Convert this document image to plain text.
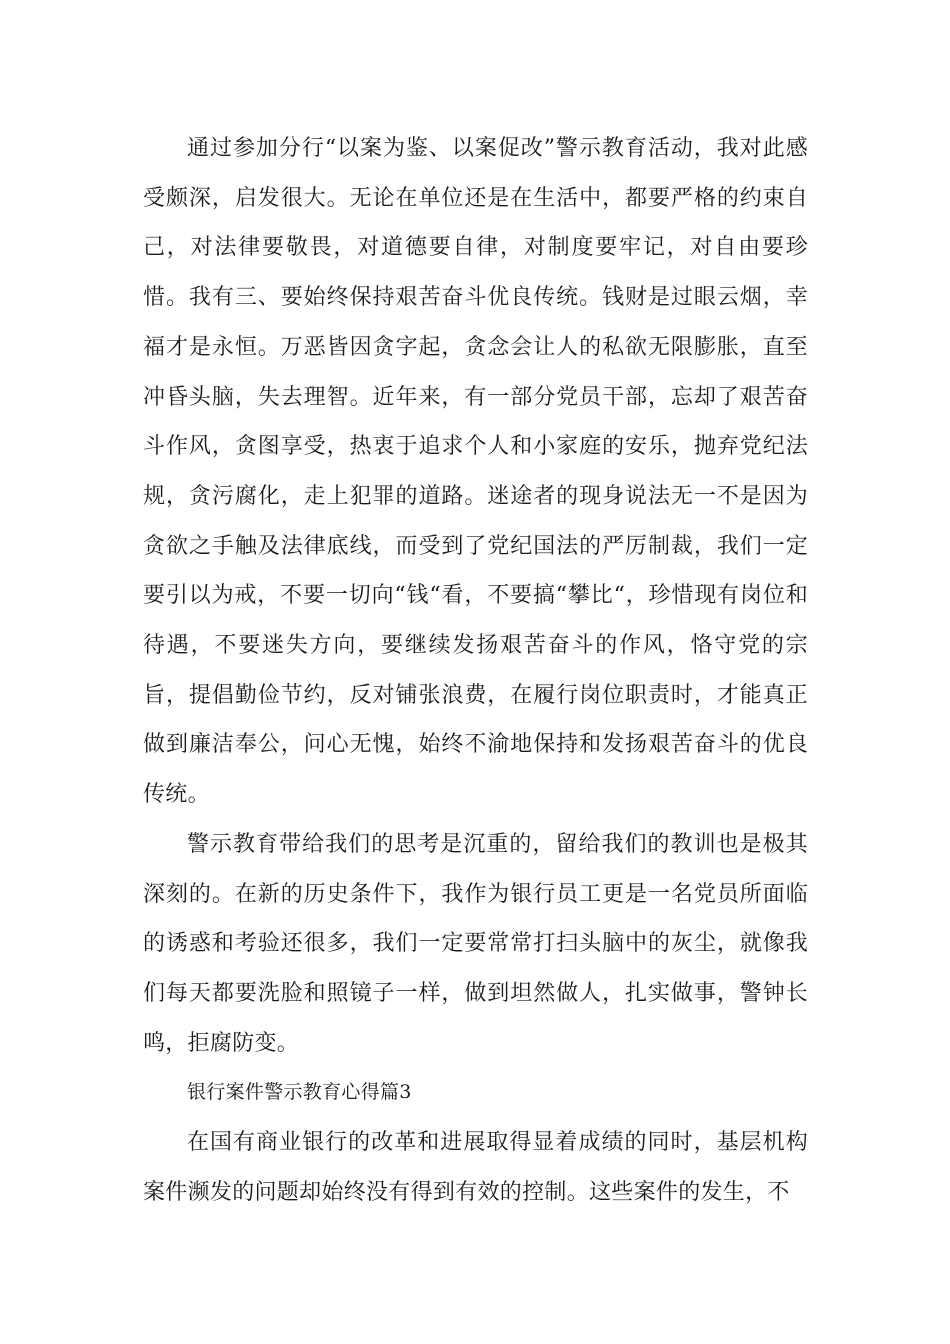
通过参加分行“以案为鉴、以案促改”警示教育活动，我对此感受颇深，启发很大。无论在单位还是在生活中，都要严格的约束自己，对法律要敬畏，对道德要自律，对制度要牢记，对自由要珍惜。我有三、要始终保持艰苦奋斗优良传统。钱财是过眼云烟，幸福才是永恒。万恶皆因贪字起，贪念会让人的私欲无限膨胀，直至冲昏头脑，失去理智。近年来，有一部分党员干部，忘却了艰苦奋斗作风，贪图享受，热衷于追求个人和小家庭的安乐，抛弃党纪法规，贪污腐化，走上犯罪的道路。迷途者的现身说法无一不是因为贪欲之手触及法律底线，而受到了党纪国法的严厉制裁，我们一定要引以为戒，不要一切向“钱“看，不要搞“攀比“，珍惜现有岗位和待遇，不要迷失方向，要继续发扬艰苦奋斗的作风，恪守党的宗旨，提倡勤俭节约，反对铺张浪费，在履行岗位职责时，才能真正做到廉洁奉公，问心无愧，始终不渝地保持和发扬艰苦奋斗的优良传统。

警示教育带给我们的思考是沉重的，留给我们的教训也是极其深刻的。在新的历史条件下，我作为银行员工更是一名党员所面临的诱惑和考验还很多，我们一定要常常打扫头脑中的灰尘，就像我们每天都要洗脸和照镜子一样，做到坦然做人，扎实做事，警钟长鸣，拒腐防变。

银行案件警示教育心得篇3

在国有商业银行的改革和进展取得显着成绩的同时，基层机构案件濒发的问题却始终没有得到有效的控制。这些案件的发生，不
